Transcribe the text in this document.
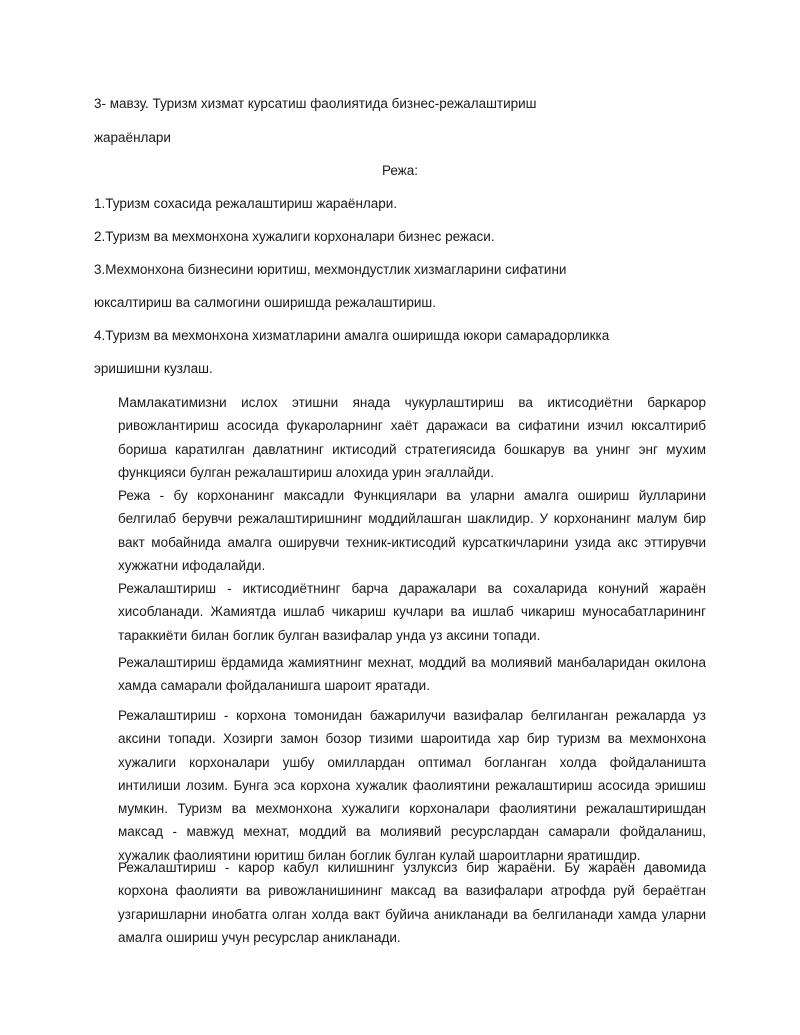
3- мавзу. Туризм хизмат курсатиш фаолиятида бизнес-режалаштириш

жараёнлари

Режа:

1.Туризм сохасида режалаштириш жараёнлари.

2.Туризм ва мехмонхона хужалиги корхоналари бизнес режаси.

3.Мехмонхона бизнесини юритиш, мехмондустлик хизмагларини сифатини

юксалтириш ва салмогини оширишда режалаштириш.

4.Туризм ва мехмонхона хизматларини амалга оширишда юкори самарадорликка

эришишни кузлаш.

Мамлакатимизни ислох этишни янада чукурлаштириш ва иктисодиётни баркарор ривожлантириш асосида фукароларнинг хаёт даражаси ва сифатини изчил юксалтириб бориша каратилган давлатнинг иктисодий стратегиясида бошкарув ва унинг энг мухим функцияси булган режалаштириш алохида урин эгаллайди.

Режа - бу корхонанинг максадли Функциялари ва уларни амалга ошириш йулларини белгилаб берувчи режалаштиришнинг моддийлашган шаклидир. У корхонанинг малум бир вакт мобайнида амалга оширувчи техник-иктисодий курсаткичларини узида акс эттирувчи хужжатни ифодалайди.

Режалаштириш - иктисодиётнинг барча даражалари ва сохаларида конуний жараён хисобланади. Жамиятда ишлаб чикариш кучлари ва ишлаб чикариш муносабатларининг тараккиёти билан боглик булган вазифалар унда уз аксини топади.

Режалаштириш ёрдамида жамиятнинг мехнат, моддий ва молиявий манбаларидан окилона хамда самарали фойдаланишга шароит яратади.

Режалаштириш - корхона томонидан бажарилучи вазифалар белгиланган режаларда уз аксини топади. Хозирги замон бозор тизими шароитида хар бир туризм ва мехмонхона хужалиги корхоналари ушбу омиллардан оптимал богланган холда фойдаланишта интилиши лозим. Бунга эса корхона хужалик фаолиятини режалаштириш асосида эришиш мумкин. Туризм ва мехмонхона хужалиги корхоналари фаолиятини режалаштиришдан максад - мавжуд мехнат, моддий ва молиявий ресурслардан самарали фойдаланиш, хужалик фаолиятини юритиш билан боглик булган кулай шароитларни яратишдир.

Режалаштириш - карор кабул килишнинг узлуксиз бир жараёни. Бу жараён давомида корхона фаолияти ва ривожланишининг максад ва вазифалари атрофда руй бераётган узгаришларни инобатга олган холда вакт буйича аникланади ва белгиланади хамда уларни амалга ошириш учун ресурслар аникланади.
